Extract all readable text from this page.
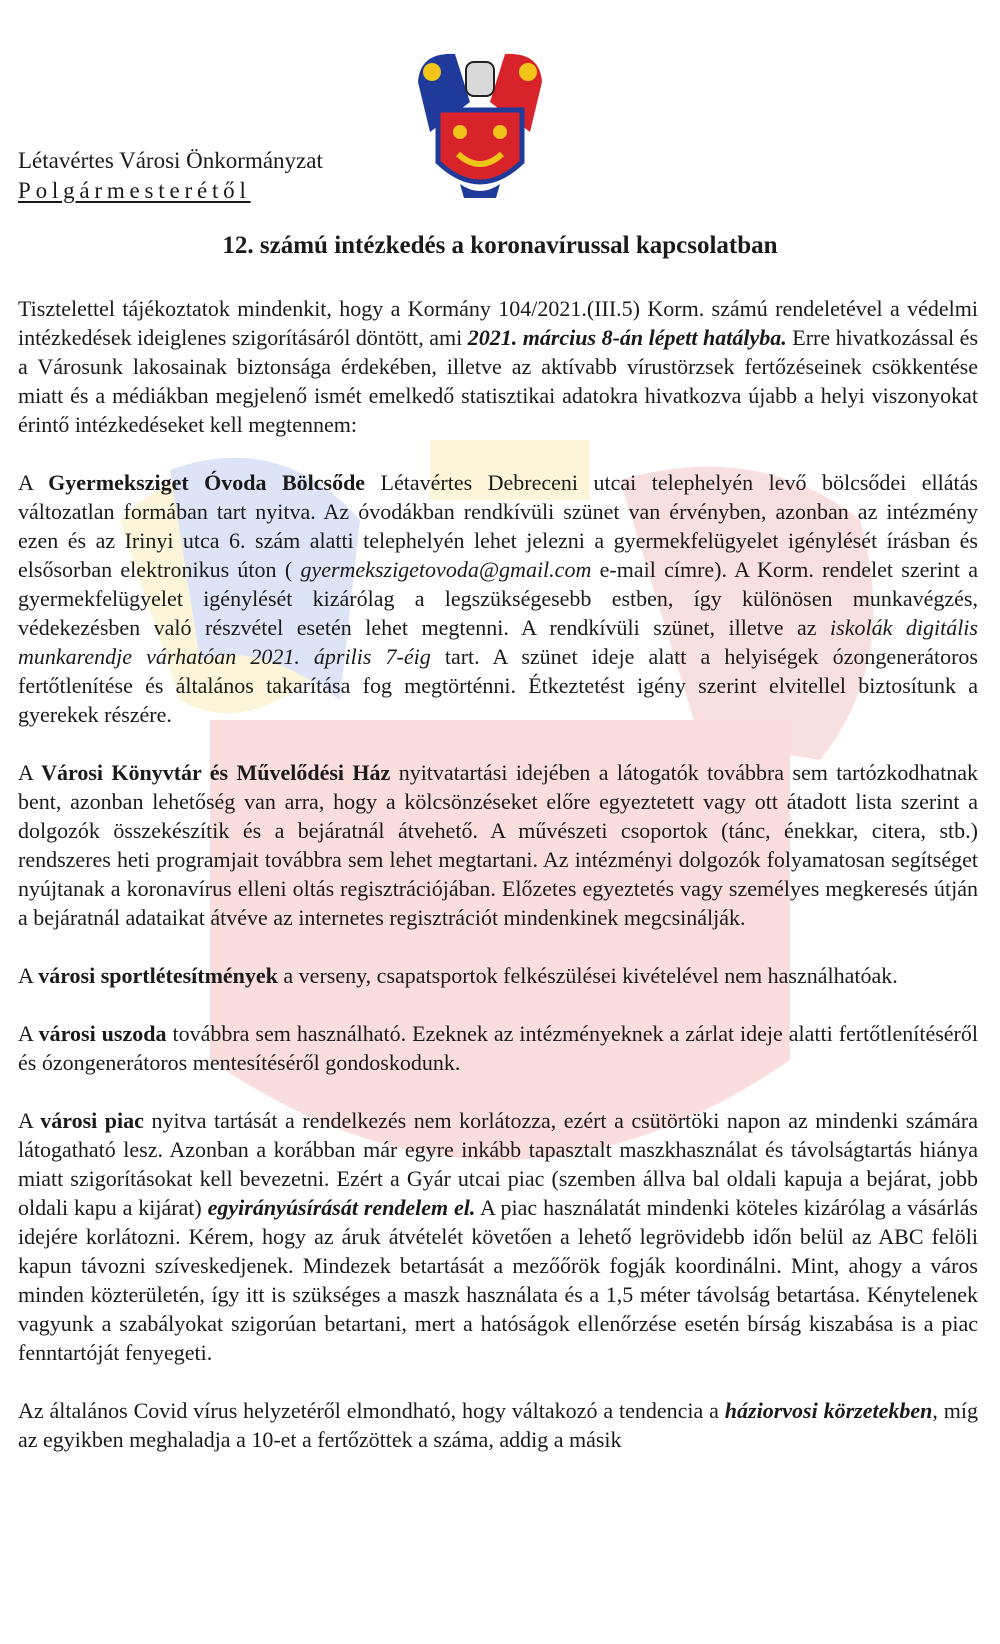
Létavértes Városi Önkormányzat
Polgármesterétől
12. számú intézkedés a koronavírussal kapcsolatban

Tisztelettel tájékoztatok mindenkit, hogy a Kormány 104/2021.(III.5) Korm. számú rendeletével a védelmi intézkedések ideiglenes szigorításáról döntött, ami 2021. március 8-án lépett hatályba. Erre hivatkozással és a Városunk lakosainak biztonsága érdekében, illetve az aktívabb vírustörzsek fertőzéseinek csökkentése miatt és a médiákban megjelenő ismét emelkedő statisztikai adatokra hivatkozva újabb a helyi viszonyokat érintő intézkedéseket kell megtennem:

A Gyermeksziget Óvoda Bölcsőde Létavértes Debreceni utcai telephelyén levő bölcsődei ellátás változatlan formában tart nyitva. Az óvodákban rendkívüli szünet van érvényben, azonban az intézmény ezen és az Irinyi utca 6. szám alatti telephelyén lehet jelezni a gyermekfelügyelet igénylését írásban és elsősorban elektronikus úton ( gyermekszigetovoda@gmail.com e-mail címre). A Korm. rendelet szerint a gyermekfelügyelet igénylését kizárólag a legszükségesebb estben, így különösen munkavégzés, védekezésben való részvétel esetén lehet megtenni. A rendkívüli szünet, illetve az iskolák digitális munkarendje várhatóan 2021. április 7-éig tart. A szünet ideje alatt a helyiségek ózongenerátoros fertőtlenítése és általános takarítása fog megtörténni. Étkeztetést igény szerint elvitellel biztosítunk a gyerekek részére.

A Városi Könyvtár és Művelődési Ház nyitvatartási idejében a látogatók továbbra sem tartózkodhatnak bent, azonban lehetőség van arra, hogy a kölcsönzéseket előre egyeztetett vagy ott átadott lista szerint a dolgozók összekészítik és a bejáratnál átvehető. A művészeti csoportok (tánc, énekkar, citera, stb.) rendszeres heti programjait továbbra sem lehet megtartani. Az intézményi dolgozók folyamatosan segítséget nyújtanak a koronavírus elleni oltás regisztrációjában. Előzetes egyeztetés vagy személyes megkeresés útján a bejáratnál adataikat átvéve az internetes regisztrációt mindenkinek megcsinálják.

A városi sportlétesítmények a verseny, csapatsportok felkészülései kivételével nem használhatóak.

A városi uszoda továbbra sem használható. Ezeknek az intézményeknek a zárlat ideje alatti fertőtlenítéséről és ózongenerátoros mentesítéséről gondoskodunk.

A városi piac nyitva tartását a rendelkezés nem korlátozza, ezért a csütörtöki napon az mindenki számára látogatható lesz. Azonban a korábban már egyre inkább tapasztalt maszkhasználat és távolságtartás hiánya miatt szigorításokat kell bevezetni. Ezért a Gyár utcai piac (szemben állva bal oldali kapuja a bejárat, jobb oldali kapu a kijárat) egyirányúsírását rendelem el. A piac használatát mindenki köteles kizárólag a vásárlás idejére korlátozni. Kérem, hogy az áruk átvételét követően a lehető legrövidebb időn belül az ABC felöli kapun távozni szíveskedjenek. Mindezek betartását a mezőőrök fogják koordinálni. Mint, ahogy a város minden közterületén, így itt is szükséges a maszk használata és a 1,5 méter távolság betartása. Kénytelenek vagyunk a szabályokat szigorúan betartani, mert a hatóságok ellenőrzése esetén bírság kiszabása is a piac fenntartóját fenyegeti.

Az általános Covid vírus helyzetéről elmondható, hogy váltakozó a tendencia a háziorvosi körzetekben, míg az egyikben meghaladja a 10-et a fertőzöttek a száma, addig a másik
